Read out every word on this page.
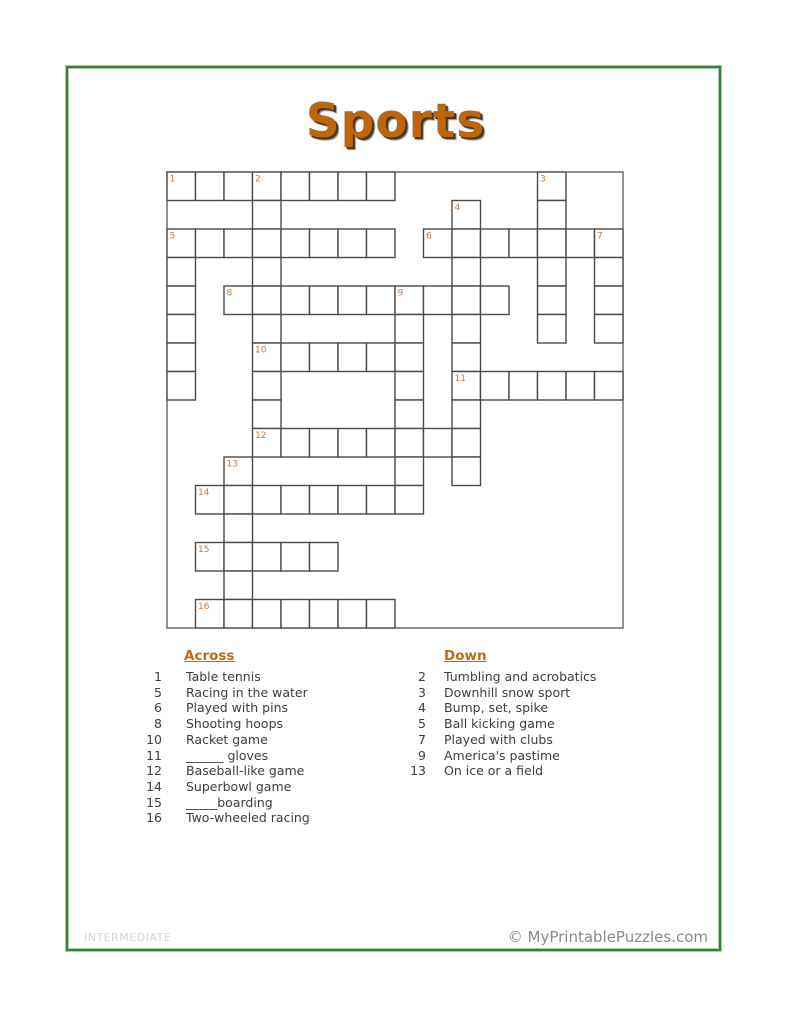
Sports
1	2	3
4
5	6	7
8	9
10
11
12
13
14
15
16
Across
1 Table tennis
5 Racing in the water
6 Played with pins
8 Shooting hoops
10 Racket game
11 ______ gloves
12 Baseball-like game
14 Superbowl game
15 _____boarding
16 Two-wheeled racing
Down
2 Tumbling and acrobatics
3 Downhill snow sport
4 Bump, set, spike
5 Ball kicking game
7 Played with clubs
9 America's pastime
13 On ice or a field
INTERMEDIATE	© MyPrintablePuzzles.com
